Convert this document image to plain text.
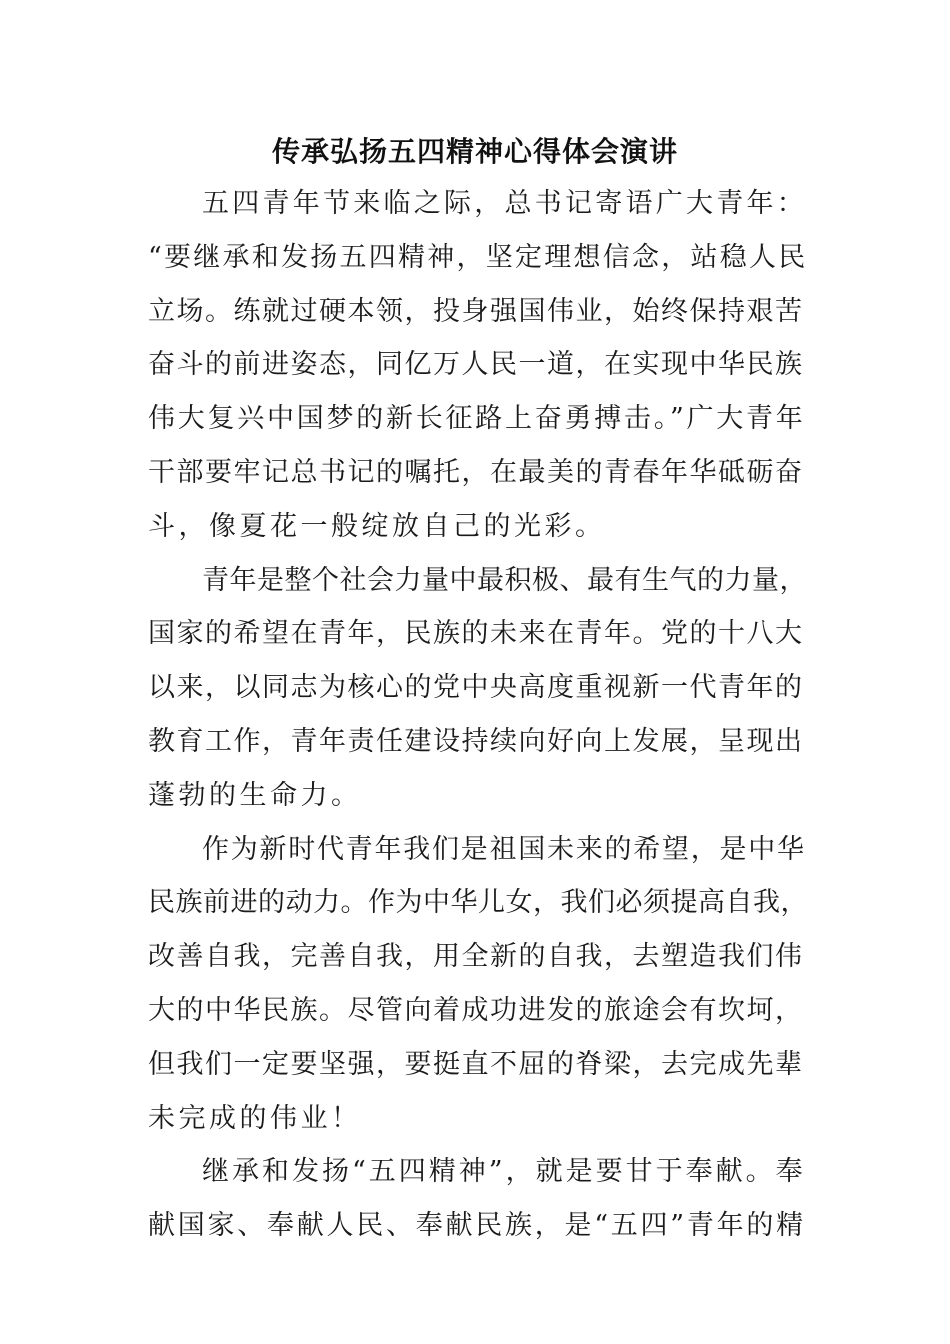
传承弘扬五四精神心得体会演讲
五四青年节来临之际，总书记寄语广大青年：
“要继承和发扬五四精神，坚定理想信念，站稳人民
立场。练就过硬本领，投身强国伟业，始终保持艰苦
奋斗的前进姿态，同亿万人民一道，在实现中华民族
伟大复兴中国梦的新长征路上奋勇搏击。”广大青年
干部要牢记总书记的嘱托，在最美的青春年华砥砺奋
斗，像夏花一般绽放自己的光彩。
青年是整个社会力量中最积极、最有生气的力量，
国家的希望在青年，民族的未来在青年。党的十八大
以来，以同志为核心的党中央高度重视新一代青年的
教育工作，青年责任建设持续向好向上发展，呈现出
蓬勃的生命力。
作为新时代青年我们是祖国未来的希望，是中华
民族前进的动力。作为中华儿女，我们必须提高自我，
改善自我，完善自我，用全新的自我，去塑造我们伟
大的中华民族。尽管向着成功进发的旅途会有坎坷，
但我们一定要坚强，要挺直不屈的脊梁，去完成先辈
未完成的伟业！
继承和发扬“五四精神”，就是要甘于奉献。奉
献国家、奉献人民、奉献民族，是“五四”青年的精
